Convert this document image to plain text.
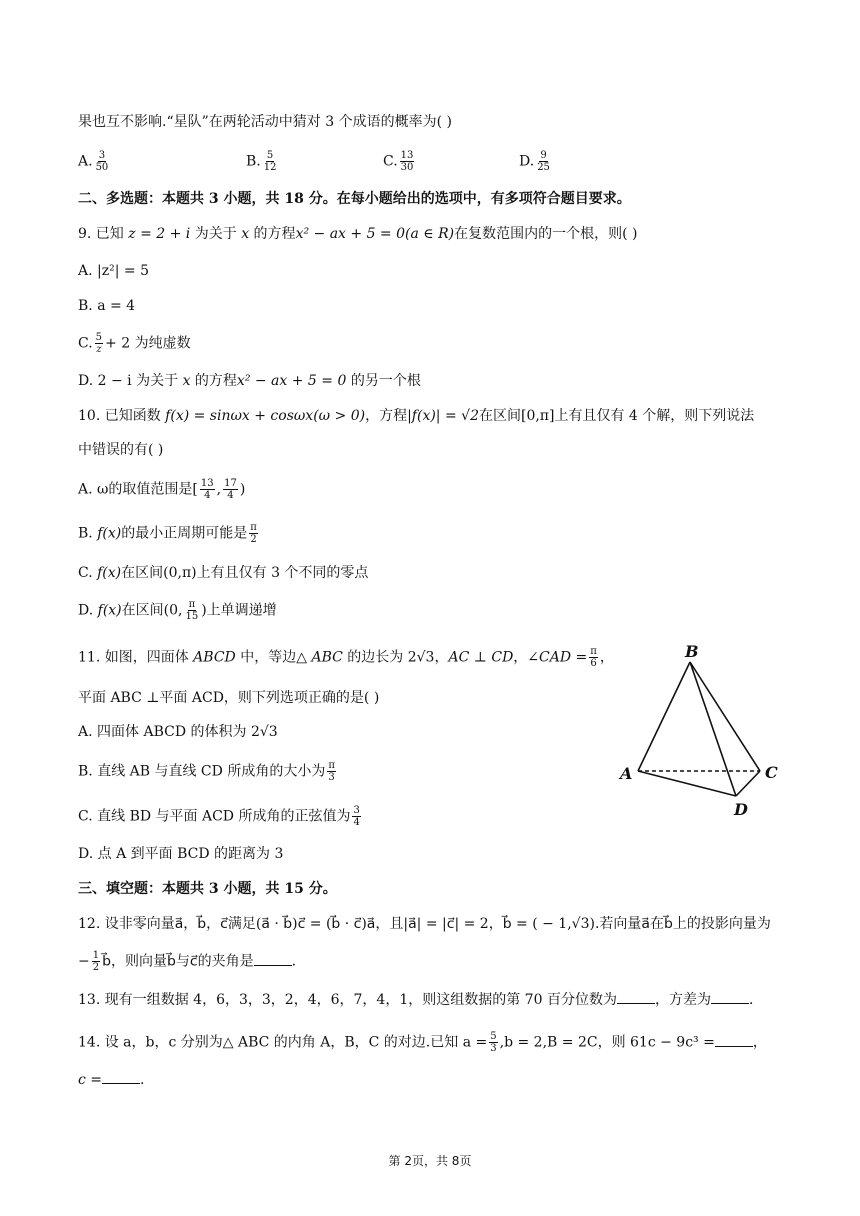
果也互不影响.“星队”在两轮活动中猜对 3 个成语的概率为( )
A. $\frac{3}{50}$	B. $\frac{5}{12}$	C. $\frac{13}{30}$	D. $\frac{9}{25}$
二、多选题：本题共 3 小题，共 18 分。在每小题给出的选项中，有多项符合题目要求。
9. 已知 z = 2 + i 为关于 x 的方程x² − ax + 5 = 0(a ∈ R)在复数范围内的一个根，则( )
A. |z²| = 5
B. a = 4
C. $\frac{5}{z} + 2$ 为纯虚数
D. 2 − i 为关于 x 的方程x² − ax + 5 = 0 的另一个根
10. 已知函数 f(x) = sinωx + cosωx(ω > 0)，方程|f(x)| = √2在区间[0,π]上有且仅有 4 个解，则下列说法
中错误的有( )
A. ω的取值范围是[ $\frac{13}{4}$ , $\frac{17}{4}$ )
B. f(x)的最小正周期可能是 $\frac{\pi}{2}$
C. f(x)在区间(0,π)上有且仅有 3 个不同的零点
D. f(x)在区间(0, $\frac{\pi}{15}$ )上单调递增
11. 如图，四面体 ABCD 中，等边△ ABC 的边长为 2√3，AC ⊥ CD，∠CAD = $\frac{\pi}{6}$ ，
平面 ABC ⊥平面 ACD，则下列选项正确的是( )
A. 四面体 ABCD 的体积为 2√3
B. 直线 AB 与直线 CD 所成角的大小为 $\frac{\pi}{3}$
C. 直线 BD 与平面 ACD 所成角的正弦值为 $\frac{3}{4}$
D. 点 A 到平面 BCD 的距离为 3
B
A	C
D
三、填空题：本题共 3 小题，共 15 分。
12. 设非零向量a⃗，b⃗，c⃗满足(a⃗ · b⃗)c⃗ = (b⃗ · c⃗)a⃗，且|a⃗| = |c⃗| = 2，b⃗ = ( − 1,√3).若向量a⃗在b⃗上的投影向量为
− $\frac{1}{2}$ b⃗，则向量b⃗与c⃗的夹角是	.
13. 现有一组数据 4，6，3，3，2，4，6，7，4，1，则这组数据的第 70 百分位数为	，方差为	.
14. 设 a，b，c 分别为△ ABC 的内角 A，B，C 的对边.已知 $a = \frac{5}{3} ,b = 2,B = 2C$，则 61c − 9c³ =	，
c =	.
第 2页，共 8页
